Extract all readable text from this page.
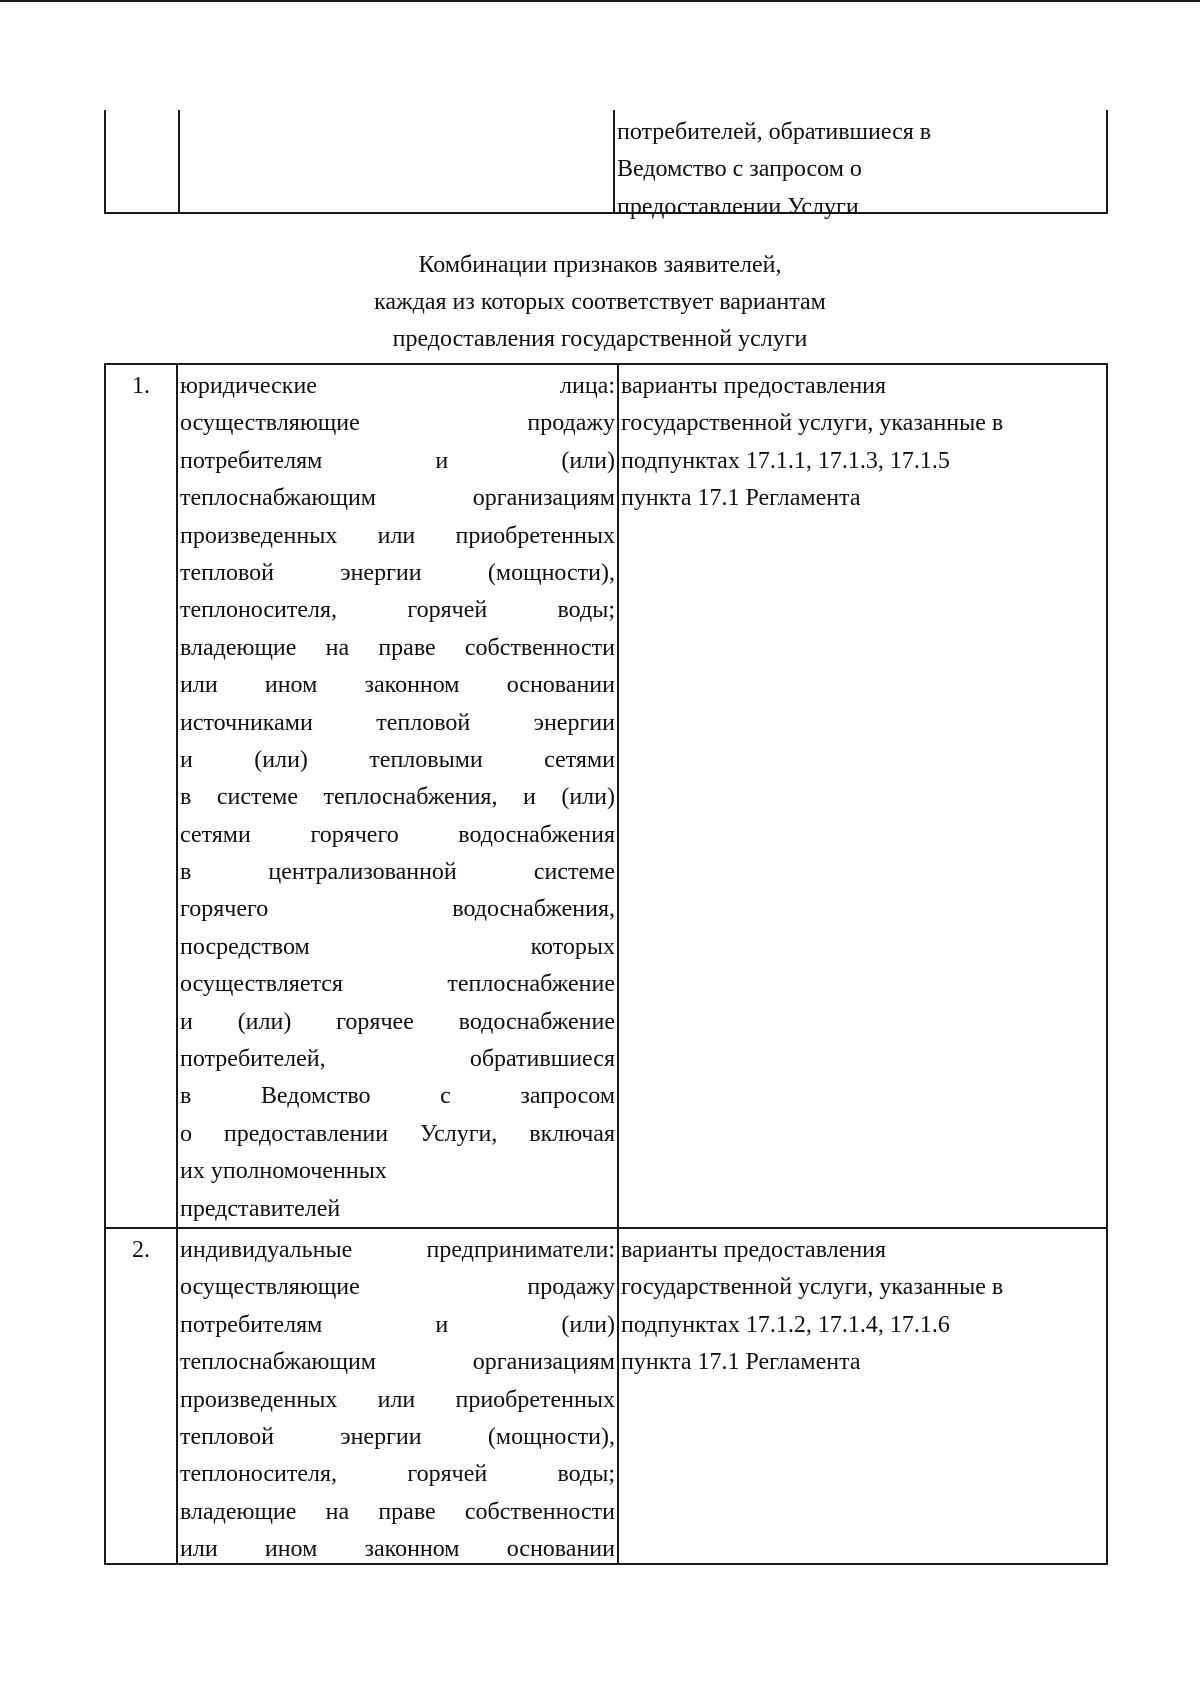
потребителей, обратившиеся в
Ведомство с запросом о
предоставлении Услуги
Комбинации признаков заявителей,
каждая из которых соответствует вариантам
предоставления государственной услуги
1.	юридические лица:
осуществляющие продажу
потребителям и (или)
теплоснабжающим организациям
произведенных или приобретенных
тепловой энергии (мощности),
теплоносителя, горячей воды;
владеющие на праве собственности
или ином законном основании
источниками тепловой энергии
и (или) тепловыми сетями
в системе теплоснабжения, и (или)
сетями горячего водоснабжения
в централизованной системе
горячего водоснабжения,
посредством которых
осуществляется теплоснабжение
и (или) горячее водоснабжение
потребителей, обратившиеся
в Ведомство с запросом
о предоставлении Услуги, включая
их уполномоченных
представителей
варианты предоставления
государственной услуги, указанные в
подпунктах 17.1.1, 17.1.3, 17.1.5
пункта 17.1 Регламента
2.	индивидуальные предприниматели:
осуществляющие продажу
потребителям и (или)
теплоснабжающим организациям
произведенных или приобретенных
тепловой энергии (мощности),
теплоносителя, горячей воды;
владеющие на праве собственности
или ином законном основании
варианты предоставления
государственной услуги, указанные в
подпунктах 17.1.2, 17.1.4, 17.1.6
пункта 17.1 Регламента
